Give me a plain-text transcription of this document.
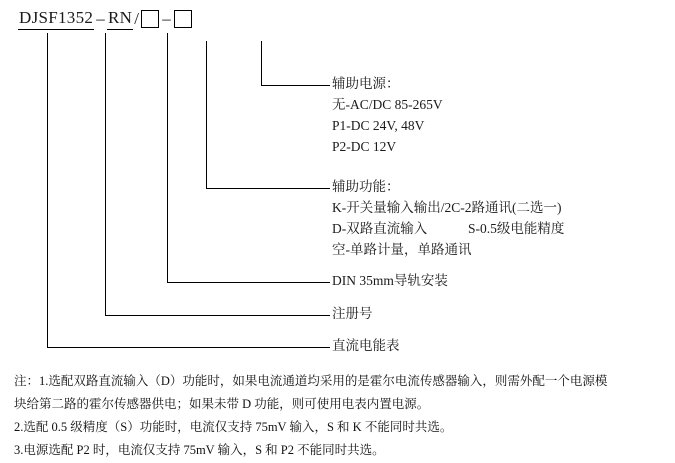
DJSF1352 – RN / –
辅助电源：
无-AC/DC 85-265V
P1-DC 24V, 48V
P2-DC 12V
辅助功能：
K-开关量输入输出/2C-2路通讯(二选一)
D-双路直流输入	S-0.5级电能精度
空-单路计量，单路通讯
DIN 35mm导轨安装
注册号
直流电能表
注：1.选配双路直流输入（D）功能时，如果电流通道均采用的是霍尔电流传感器输入，则需外配一个电源模
块给第二路的霍尔传感器供电；如果未带 D 功能，则可使用电表内置电源。
2.选配 0.5 级精度（S）功能时，电流仅支持 75mV 输入，S 和 K 不能同时共选。
3.电源选配 P2 时，电流仅支持 75mV 输入，S 和 P2 不能同时共选。
